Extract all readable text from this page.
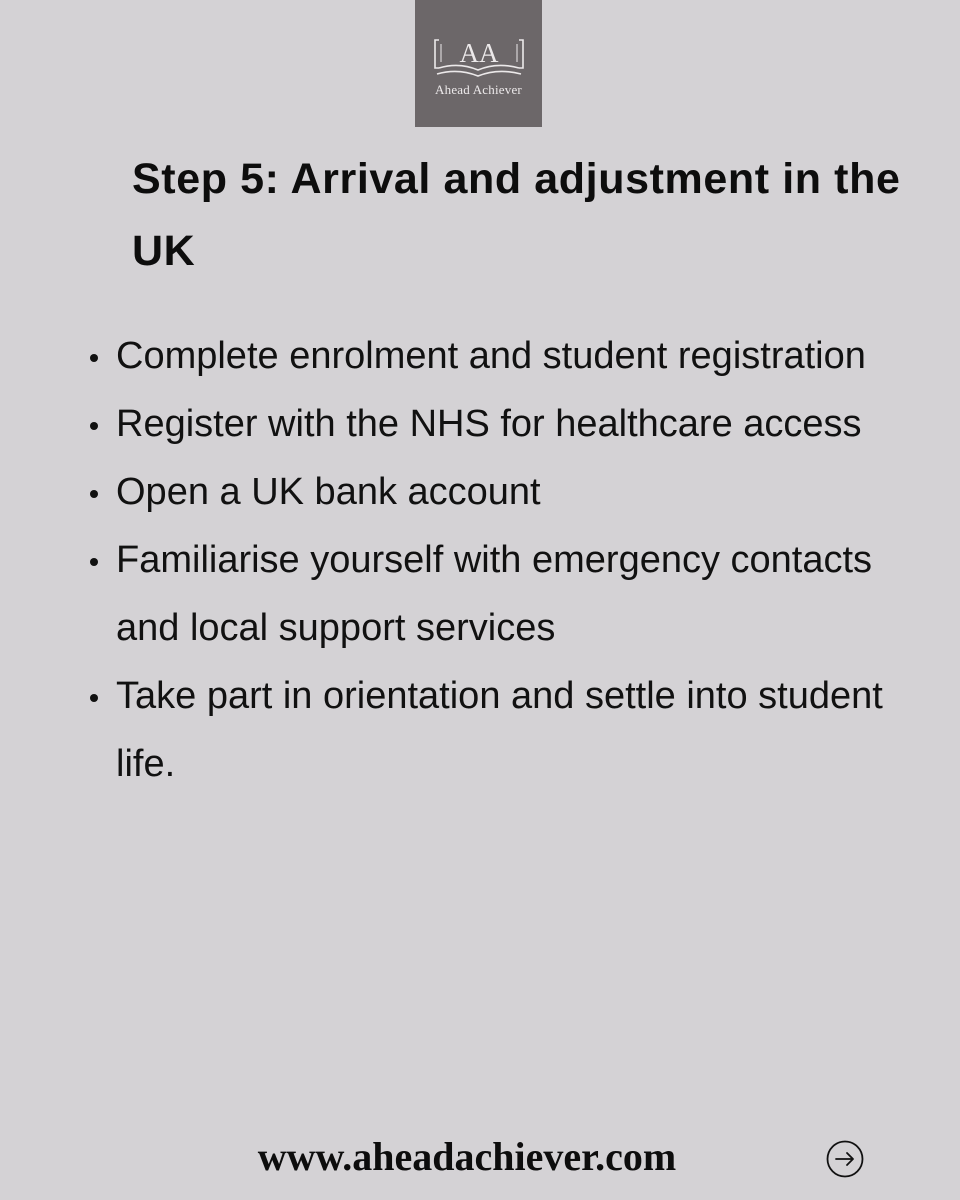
AA
Ahead Achiever
Step 5: Arrival and adjustment in the UK
Complete enrolment and student registration
Register with the NHS for healthcare access
Open a UK bank account
Familiarise yourself with emergency contacts and local support services
Take part in orientation and settle into student life.
www.aheadachiever.com
